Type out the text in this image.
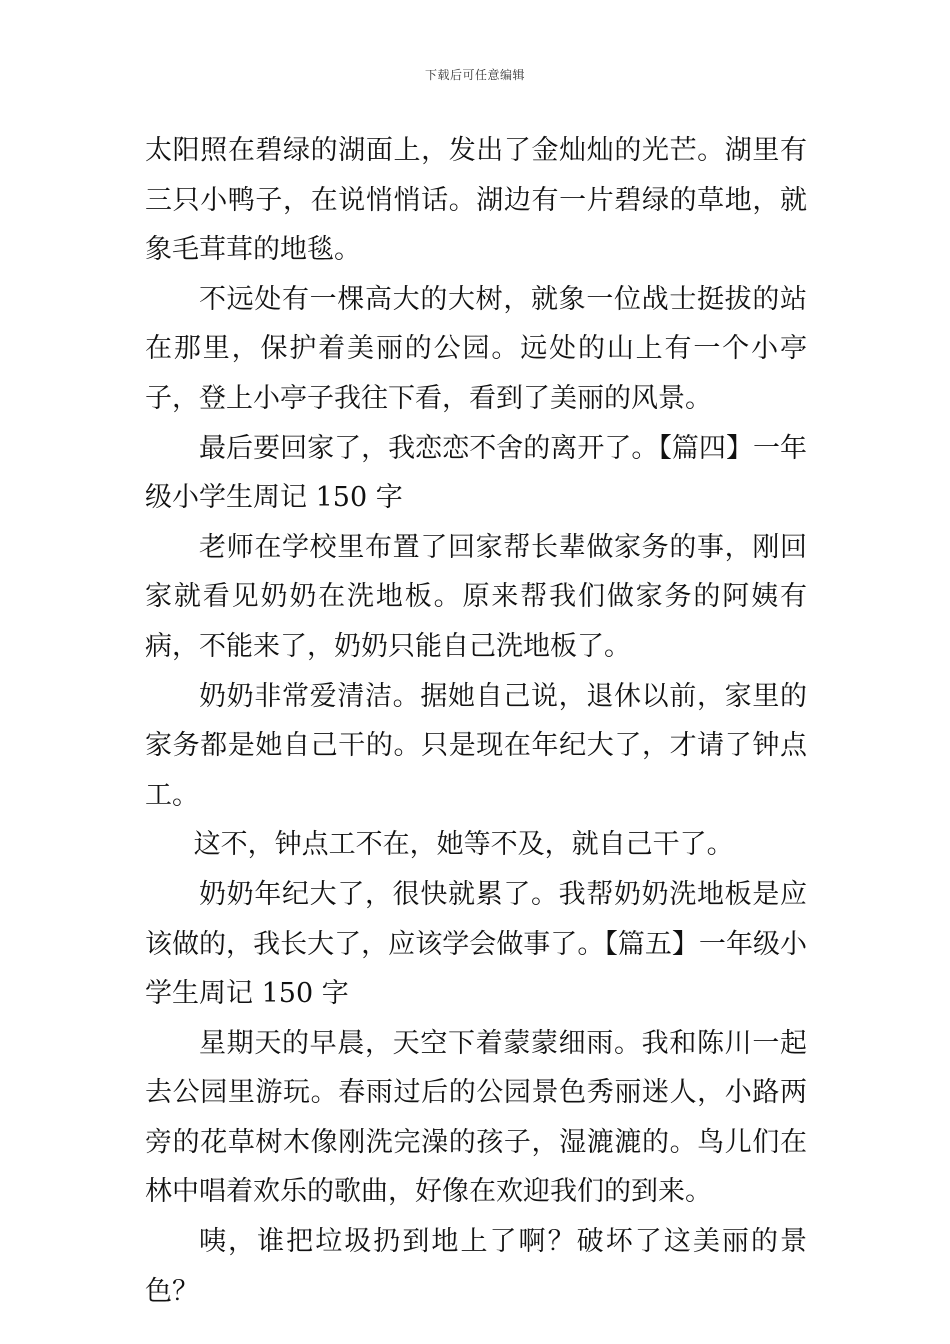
下载后可任意编辑

太阳照在碧绿的湖面上，发出了金灿灿的光芒。湖里有三只小鸭子，在说悄悄话。湖边有一片碧绿的草地，就象毛茸茸的地毯。

不远处有一棵高大的大树，就象一位战士挺拔的站在那里，保护着美丽的公园。远处的山上有一个小亭子，登上小亭子我往下看，看到了美丽的风景。

最后要回家了，我恋恋不舍的离开了。【篇四】一年级小学生周记 150 字

老师在学校里布置了回家帮长辈做家务的事，刚回家就看见奶奶在洗地板。原来帮我们做家务的阿姨有病，不能来了，奶奶只能自己洗地板了。

奶奶非常爱清洁。据她自己说，退休以前，家里的家务都是她自己干的。只是现在年纪大了，才请了钟点工。

这不，钟点工不在，她等不及，就自己干了。

奶奶年纪大了，很快就累了。我帮奶奶洗地板是应该做的，我长大了，应该学会做事了。【篇五】一年级小学生周记 150 字

星期天的早晨，天空下着蒙蒙细雨。我和陈川一起去公园里游玩。春雨过后的公园景色秀丽迷人，小路两旁的花草树木像刚洗完澡的孩子，湿漉漉的。鸟儿们在林中唱着欢乐的歌曲，好像在欢迎我们的到来。

咦，谁把垃圾扔到地上了啊？破坏了这美丽的景色？
